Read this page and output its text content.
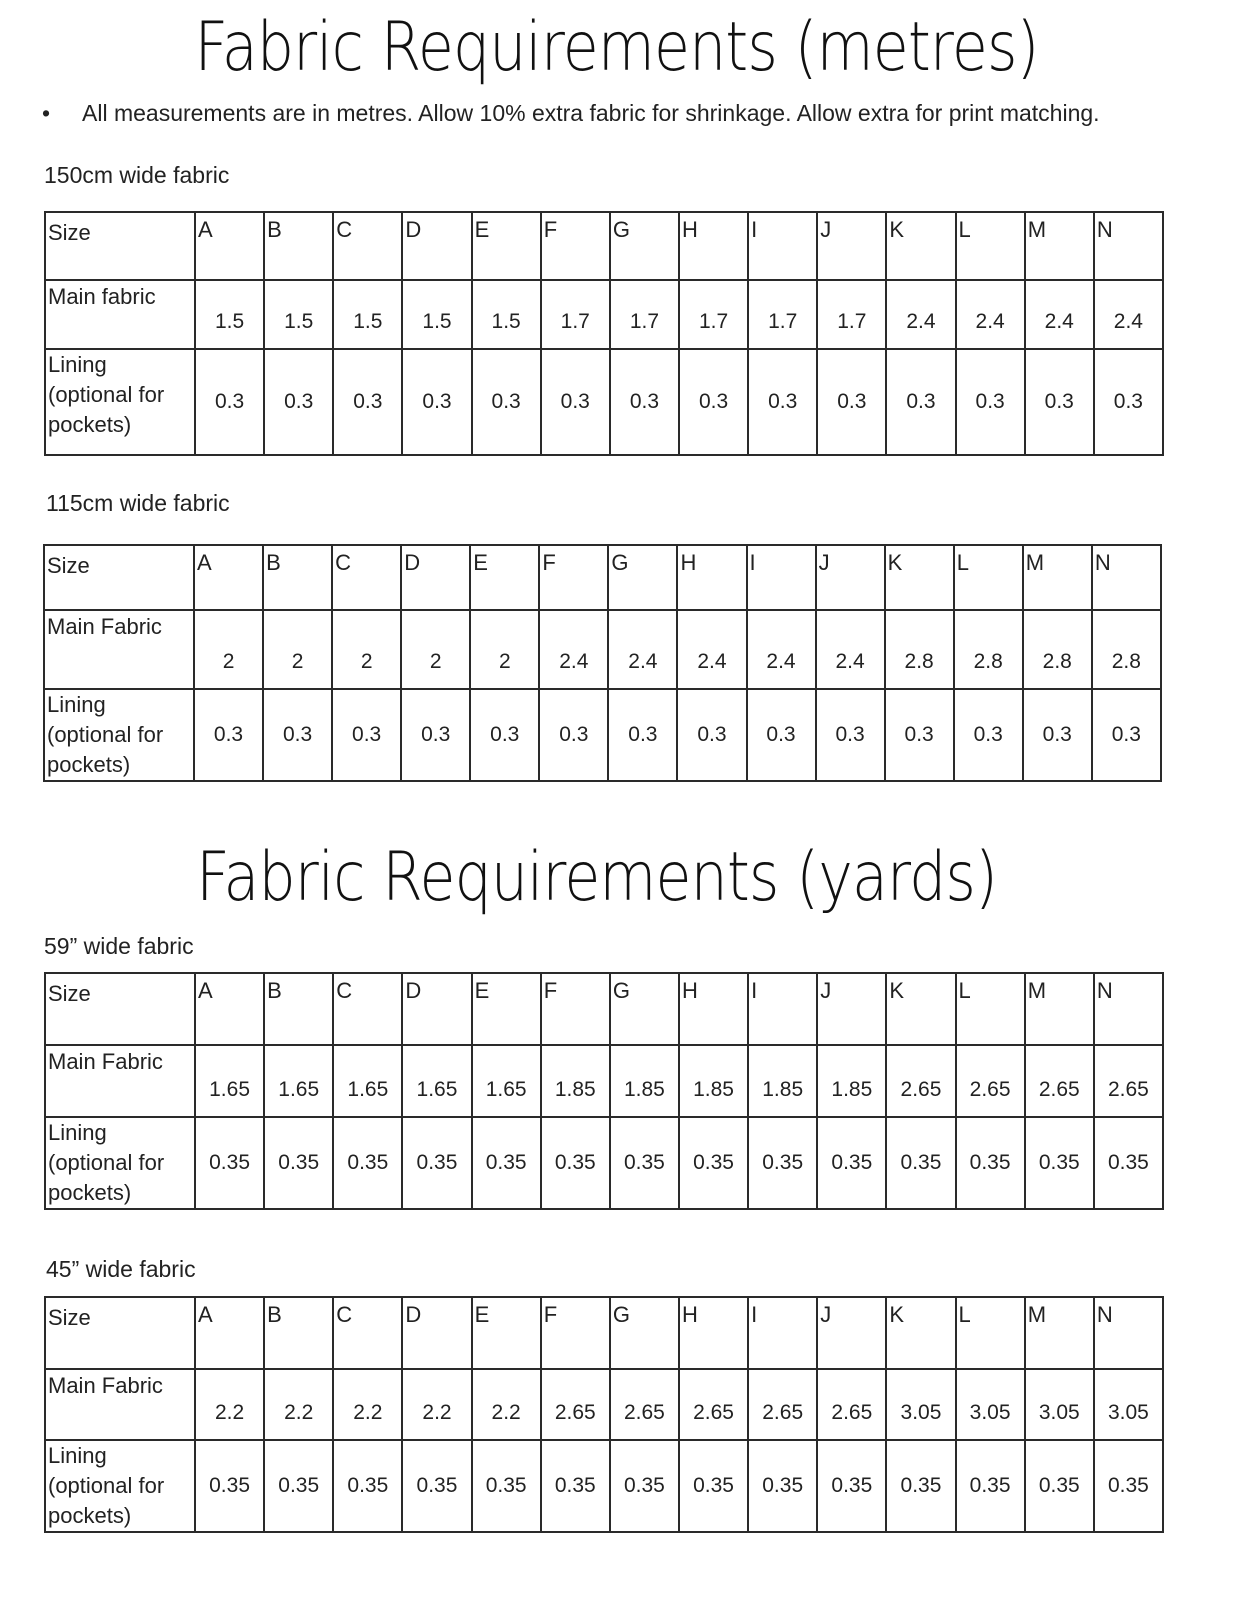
Fabric Requirements (metres)
• All measurements are in metres. Allow 10% extra fabric for shrinkage. Allow extra for print matching.
150cm wide fabric
Size	A	B	C	D	E	F	G	H	I	J	K	L	M	N
Main fabric	1.5	1.5	1.5	1.5	1.5	1.7	1.7	1.7	1.7	1.7	2.4	2.4	2.4	2.4
Lining (optional for pockets)	0.3	0.3	0.3	0.3	0.3	0.3	0.3	0.3	0.3	0.3	0.3	0.3	0.3	0.3
115cm wide fabric
Size	A	B	C	D	E	F	G	H	I	J	K	L	M	N
Main Fabric	2	2	2	2	2	2.4	2.4	2.4	2.4	2.4	2.8	2.8	2.8	2.8
Lining (optional for pockets)	0.3	0.3	0.3	0.3	0.3	0.3	0.3	0.3	0.3	0.3	0.3	0.3	0.3	0.3
Fabric Requirements (yards)
59” wide fabric
Size	A	B	C	D	E	F	G	H	I	J	K	L	M	N
Main Fabric	1.65	1.65	1.65	1.65	1.65	1.85	1.85	1.85	1.85	1.85	2.65	2.65	2.65	2.65
Lining (optional for pockets)	0.35	0.35	0.35	0.35	0.35	0.35	0.35	0.35	0.35	0.35	0.35	0.35	0.35	0.35
45” wide fabric
Size	A	B	C	D	E	F	G	H	I	J	K	L	M	N
Main Fabric	2.2	2.2	2.2	2.2	2.2	2.65	2.65	2.65	2.65	2.65	3.05	3.05	3.05	3.05
Lining (optional for pockets)	0.35	0.35	0.35	0.35	0.35	0.35	0.35	0.35	0.35	0.35	0.35	0.35	0.35	0.35
